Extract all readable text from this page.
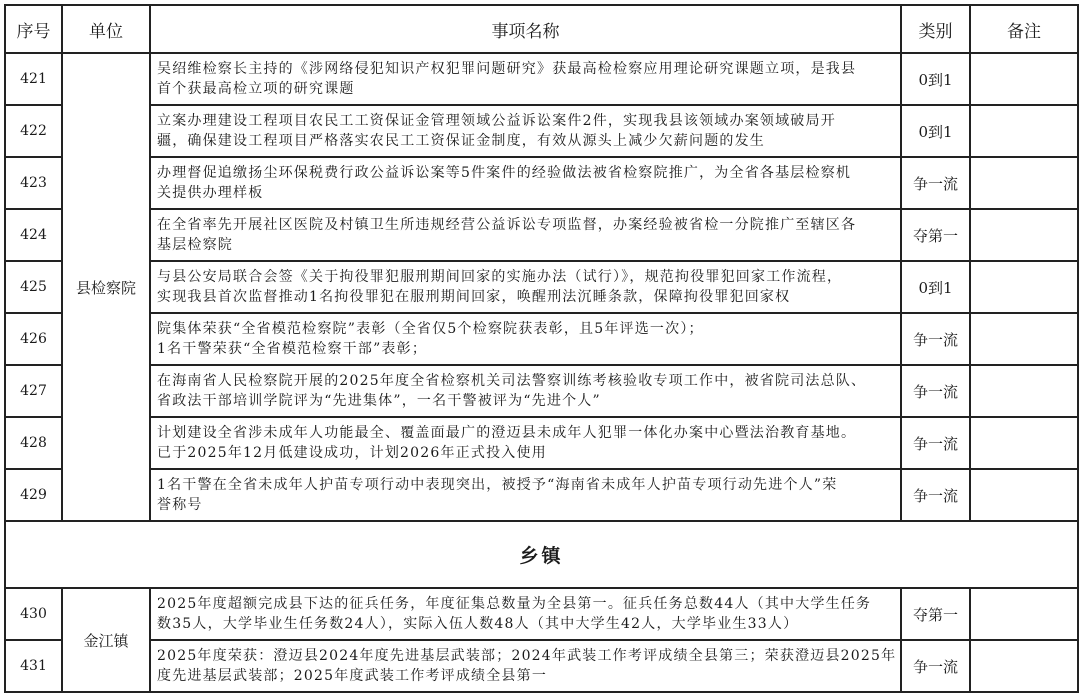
序号	单位	事项名称	类别	备注
421	县检察院	吴绍维检察长主持的《涉网络侵犯知识产权犯罪问题研究》获最高检检察应用理论研究课题立项，是我县
首个获最高检立项的研究课题	0到1	
422		立案办理建设工程项目农民工工资保证金管理领域公益诉讼案件2件，实现我县该领域办案领域破局开
疆，确保建设工程项目严格落实农民工工资保证金制度，有效从源头上减少欠薪问题的发生	0到1	
423		办理督促追缴扬尘环保税费行政公益诉讼案等5件案件的经验做法被省检察院推广，为全省各基层检察机
关提供办理样板	争一流	
424		在全省率先开展社区医院及村镇卫生所违规经营公益诉讼专项监督，办案经验被省检一分院推广至辖区各
基层检察院	夺第一	
425		与县公安局联合会签《关于拘役罪犯服刑期间回家的实施办法（试行）》，规范拘役罪犯回家工作流程，
实现我县首次监督推动1名拘役罪犯在服刑期间回家，唤醒刑法沉睡条款，保障拘役罪犯回家权	0到1	
426		院集体荣获“全省模范检察院”表彰（全省仅5个检察院获表彰，且5年评选一次）；
1名干警荣获“全省模范检察干部”表彰；	争一流	
427		在海南省人民检察院开展的2025年度全省检察机关司法警察训练考核验收专项工作中，被省院司法总队、
省政法干部培训学院评为“先进集体”，一名干警被评为“先进个人”	争一流	
428		计划建设全省涉未成年人功能最全、覆盖面最广的澄迈县未成年人犯罪一体化办案中心暨法治教育基地。
已于2025年12月低建设成功，计划2026年正式投入使用	争一流	
429		1名干警在全省未成年人护苗专项行动中表现突出，被授予“海南省未成年人护苗专项行动先进个人”荣
誉称号	争一流	
乡镇				
430	金江镇	2025年度超额完成县下达的征兵任务，年度征集总数量为全县第一。征兵任务总数44人（其中大学生任务
数35人，大学毕业生任务数24人），实际入伍人数48人（其中大学生42人，大学毕业生33人）	夺第一	
431		2025年度荣获：澄迈县2024年度先进基层武装部；2024年武装工作考评成绩全县第三；荣获澄迈县2025年
度先进基层武装部；2025年度武装工作考评成绩全县第一	争一流	
